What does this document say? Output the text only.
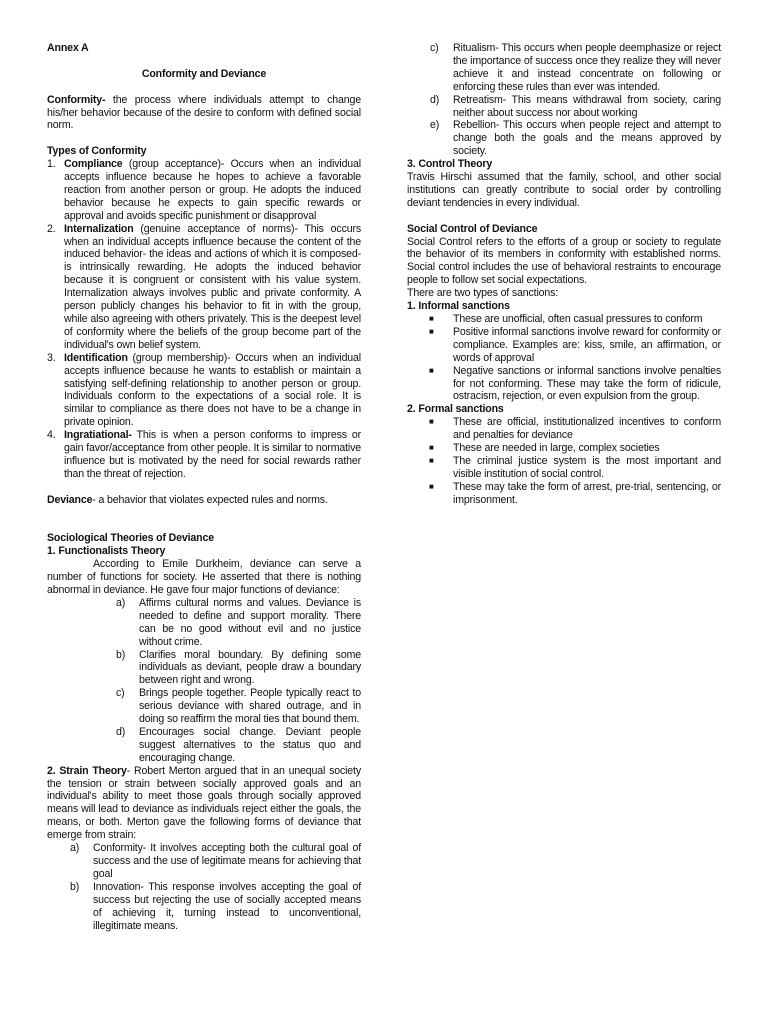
Annex A

Conformity and Deviance

Conformity- the process where individuals attempt to change his/her behavior because of the desire to conform with defined social norm.

Types of Conformity

1. Compliance (group acceptance)- Occurs when an individual accepts influence because he hopes to achieve a favorable reaction from another person or group. He adopts the induced behavior because he expects to gain specific rewards or approval and avoids specific punishment or disapproval
2. Internalization (genuine acceptance of norms)- This occurs when an individual accepts influence because the content of the induced behavior- the ideas and actions of which it is composed-is intrinsically rewarding. He adopts the induced behavior because it is congruent or consistent with his value system. Internalization always involves public and private conformity. A person publicly changes his behavior to fit in with the group, while also agreeing with others privately. This is the deepest level of conformity where the beliefs of the group become part of the individual's own belief system.
3. Identification (group membership)- Occurs when an individual accepts influence because he wants to establish or maintain a satisfying self-defining relationship to another person or group. Individuals conform to the expectations of a social role. It is similar to compliance as there does not have to be a change in private opinion.
4. Ingratiational- This is when a person conforms to impress or gain favor/acceptance from other people. It is similar to normative influence but is motivated by the need for social rewards rather than the threat of rejection.

Deviance- a behavior that violates expected rules and norms.

Sociological Theories of Deviance

1. Functionalists Theory

According to Emile Durkheim, deviance can serve a number of functions for society. He asserted that there is nothing abnormal in deviance. He gave four major functions of deviance:

a) Affirms cultural norms and values. Deviance is needed to define and support morality. There can be no good without evil and no justice without crime.
b) Clarifies moral boundary. By defining some individuals as deviant, people draw a boundary between right and wrong.
c) Brings people together. People typically react to serious deviance with shared outrage, and in doing so reaffirm the moral ties that bound them.
d) Encourages social change. Deviant people suggest alternatives to the status quo and encouraging change.

2. Strain Theory- Robert Merton argued that in an unequal society the tension or strain between socially approved goals and an individual's ability to meet those goals through socially approved means will lead to deviance as individuals reject either the goals, the means, or both. Merton gave the following forms of deviance that emerge from strain:

a) Conformity- It involves accepting both the cultural goal of success and the use of legitimate means for achieving that goal
b) Innovation- This response involves accepting the goal of success but rejecting the use of socially accepted means of achieving it, turning instead to unconventional, illegitimate means.
c) Ritualism- This occurs when people deemphasize or reject the importance of success once they realize they will never achieve it and instead concentrate on following or enforcing these rules than ever was intended.
d) Retreatism- This means withdrawal from society, caring neither about success nor about working
e) Rebellion- This occurs when people reject and attempt to change both the goals and the means approved by society.

3. Control Theory

Travis Hirschi assumed that the family, school, and other social institutions can greatly contribute to social order by controlling deviant tendencies in every individual.

Social Control of Deviance

Social Control refers to the efforts of a group or society to regulate the behavior of its members in conformity with established norms. Social control includes the use of behavioral restraints to encourage people to follow set social expectations.

There are two types of sanctions:

1. Informal sanctions

■ These are unofficial, often casual pressures to conform
■ Positive informal sanctions involve reward for conformity or compliance. Examples are: kiss, smile, an affirmation, or words of approval
■ Negative sanctions or informal sanctions involve penalties for not conforming. These may take the form of ridicule, ostracism, rejection, or even expulsion from the group.

2. Formal sanctions

■ These are official, institutionalized incentives to conform and penalties for deviance
■ These are needed in large, complex societies
■ The criminal justice system is the most important and visible institution of social control.
■ These may take the form of arrest, pre-trial, sentencing, or imprisonment.
